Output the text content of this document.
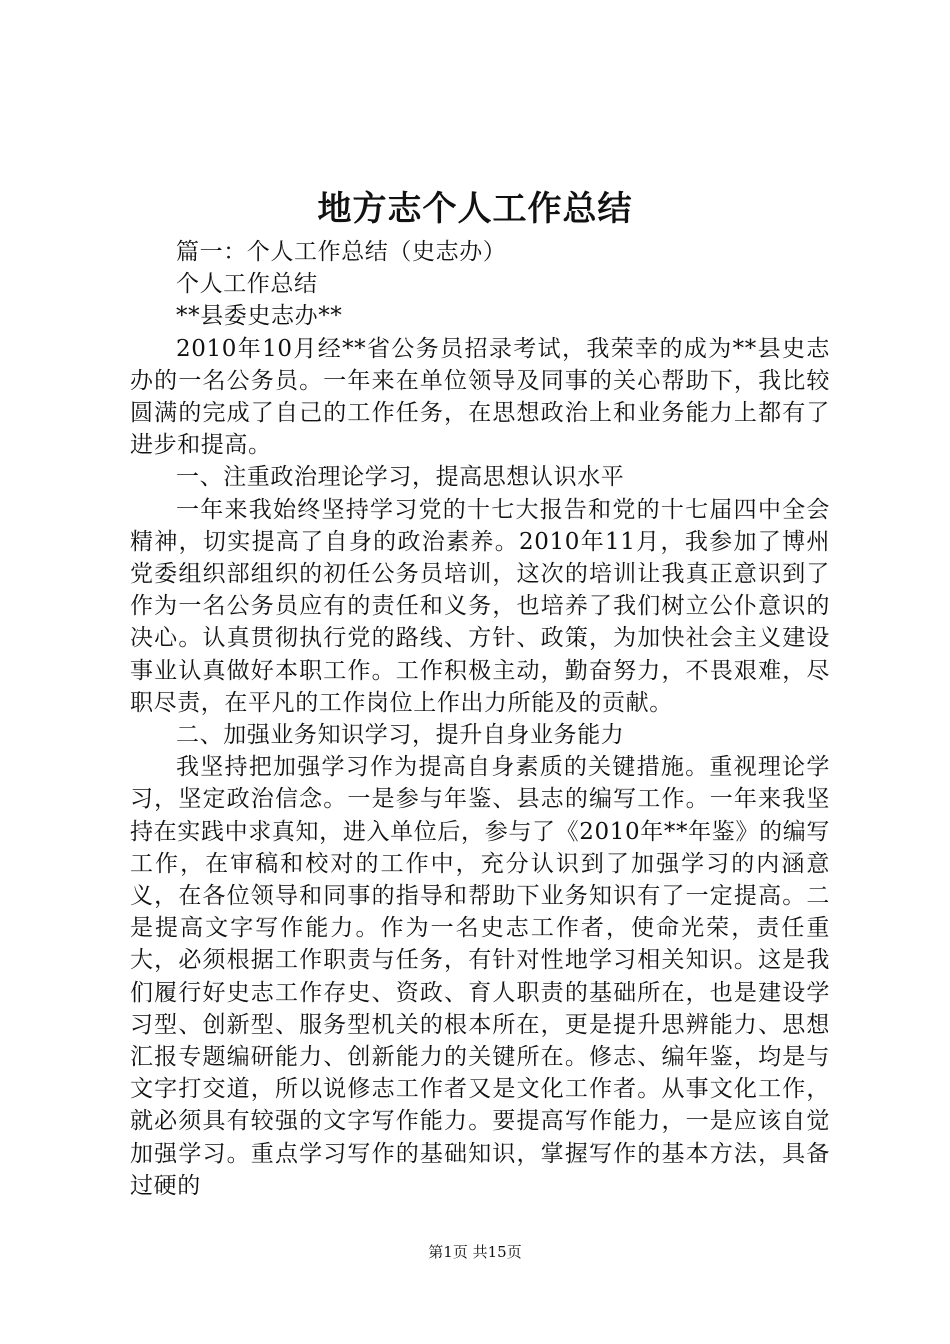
地方志个人工作总结

篇一：个人工作总结（史志办）

个人工作总结

**县委史志办**

2010年10月经**省公务员招录考试，我荣幸的成为**县史志办的一名公务员。一年来在单位领导及同事的关心帮助下，我比较圆满的完成了自己的工作任务，在思想政治上和业务能力上都有了进步和提高。

一、注重政治理论学习，提高思想认识水平

一年来我始终坚持学习党的十七大报告和党的十七届四中全会精神，切实提高了自身的政治素养。2010年11月，我参加了博州党委组织部组织的初任公务员培训，这次的培训让我真正意识到了作为一名公务员应有的责任和义务，也培养了我们树立公仆意识的决心。认真贯彻执行党的路线、方针、政策，为加快社会主义建设事业认真做好本职工作。工作积极主动，勤奋努力，不畏艰难，尽职尽责，在平凡的工作岗位上作出力所能及的贡献。

二、加强业务知识学习，提升自身业务能力

我坚持把加强学习作为提高自身素质的关键措施。重视理论学习，坚定政治信念。一是参与年鉴、县志的编写工作。一年来我坚持在实践中求真知，进入单位后，参与了《2010年**年鉴》的编写工作，在审稿和校对的工作中，充分认识到了加强学习的内涵意义，在各位领导和同事的指导和帮助下业务知识有了一定提高。二是提高文字写作能力。作为一名史志工作者，使命光荣，责任重大，必须根据工作职责与任务，有针对性地学习相关知识。这是我们履行好史志工作存史、资政、育人职责的基础所在，也是建设学习型、创新型、服务型机关的根本所在，更是提升思辨能力、思想汇报专题编研能力、创新能力的关键所在。修志、编年鉴，均是与文字打交道，所以说修志工作者又是文化工作者。从事文化工作，就必须具有较强的文字写作能力。要提高写作能力，一是应该自觉加强学习。重点学习写作的基础知识，掌握写作的基本方法，具备过硬的

第1页 共15页
